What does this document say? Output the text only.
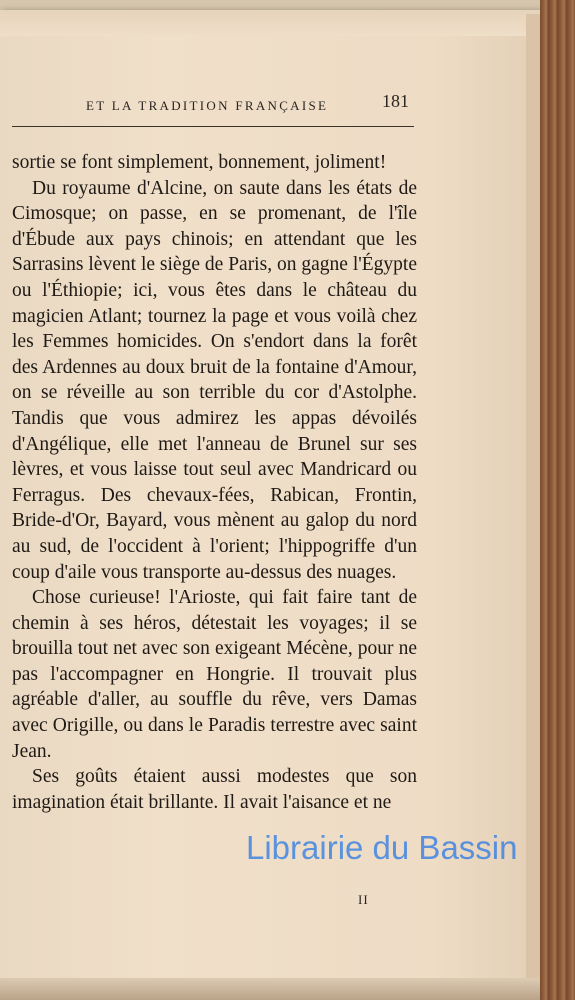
ET LA TRADITION FRANÇAISE	181

sortie se font simplement, bonnement, joliment!

Du royaume d'Alcine, on saute dans les états de Cimosque; on passe, en se promenant, de l'île d'Ébude aux pays chinois; en attendant que les Sarrasins lèvent le siège de Paris, on gagne l'Égypte ou l'Éthiopie; ici, vous êtes dans le château du magicien Atlant; tournez la page et vous voilà chez les Femmes homicides. On s'endort dans la forêt des Ardennes au doux bruit de la fontaine d'Amour, on se réveille au son terrible du cor d'Astolphe. Tandis que vous admirez les appas dévoilés d'Angélique, elle met l'anneau de Brunel sur ses lèvres, et vous laisse tout seul avec Mandricard ou Ferragus. Des chevaux-fées, Rabican, Frontin, Bride-d'Or, Bayard, vous mènent au galop du nord au sud, de l'occident à l'orient; l'hippogriffe d'un coup d'aile vous transporte au-dessus des nuages.

Chose curieuse! l'Arioste, qui fait faire tant de chemin à ses héros, détestait les voyages; il se brouilla tout net avec son exigeant Mécène, pour ne pas l'accompagner en Hongrie. Il trouvait plus agréable d'aller, au souffle du rêve, vers Damas avec Origille, ou dans le Paradis terrestre avec saint Jean.

Ses goûts étaient aussi modestes que son imagination était brillante. Il avait l'aisance et ne

II
Librairie du Bassin
